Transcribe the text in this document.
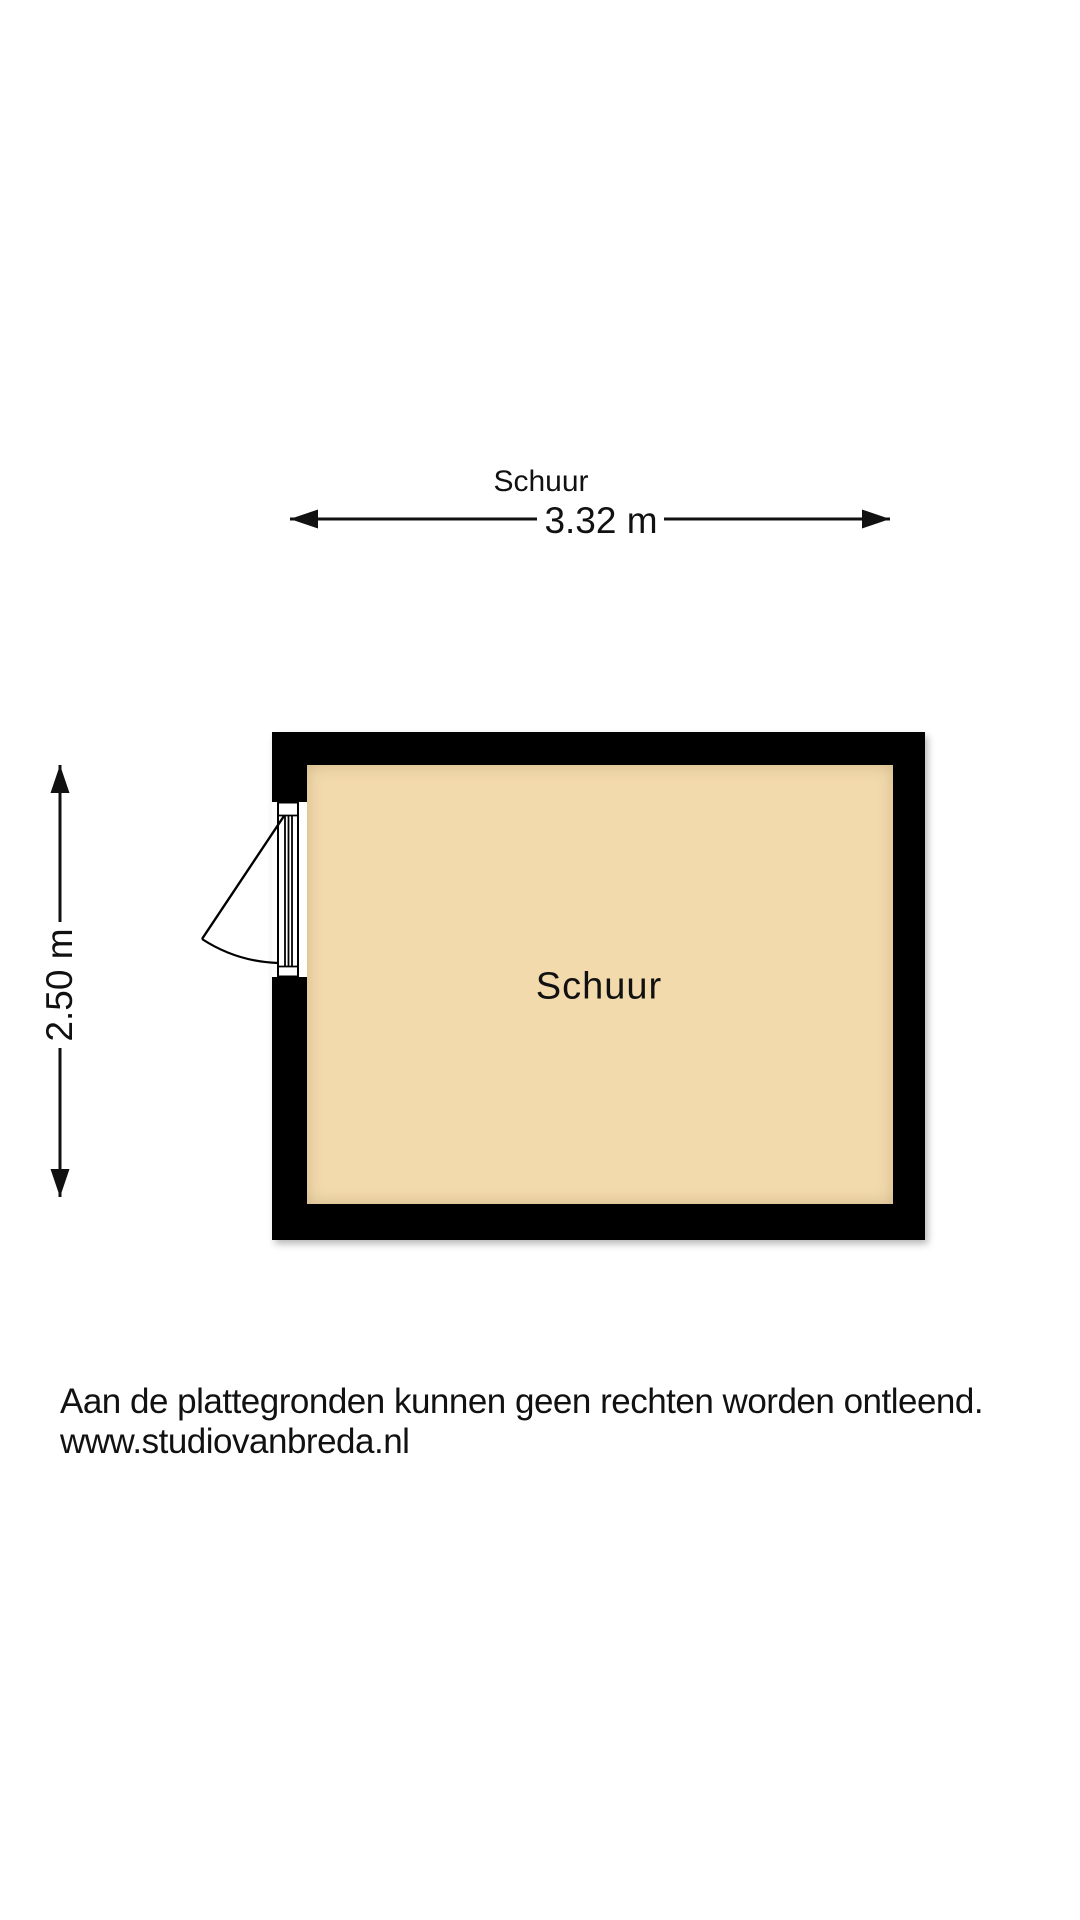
Schuur
3.32 m
2.50 m	Schuur
Aan de plattegronden kunnen geen rechten worden ontleend.
www.studiovanbreda.nl
